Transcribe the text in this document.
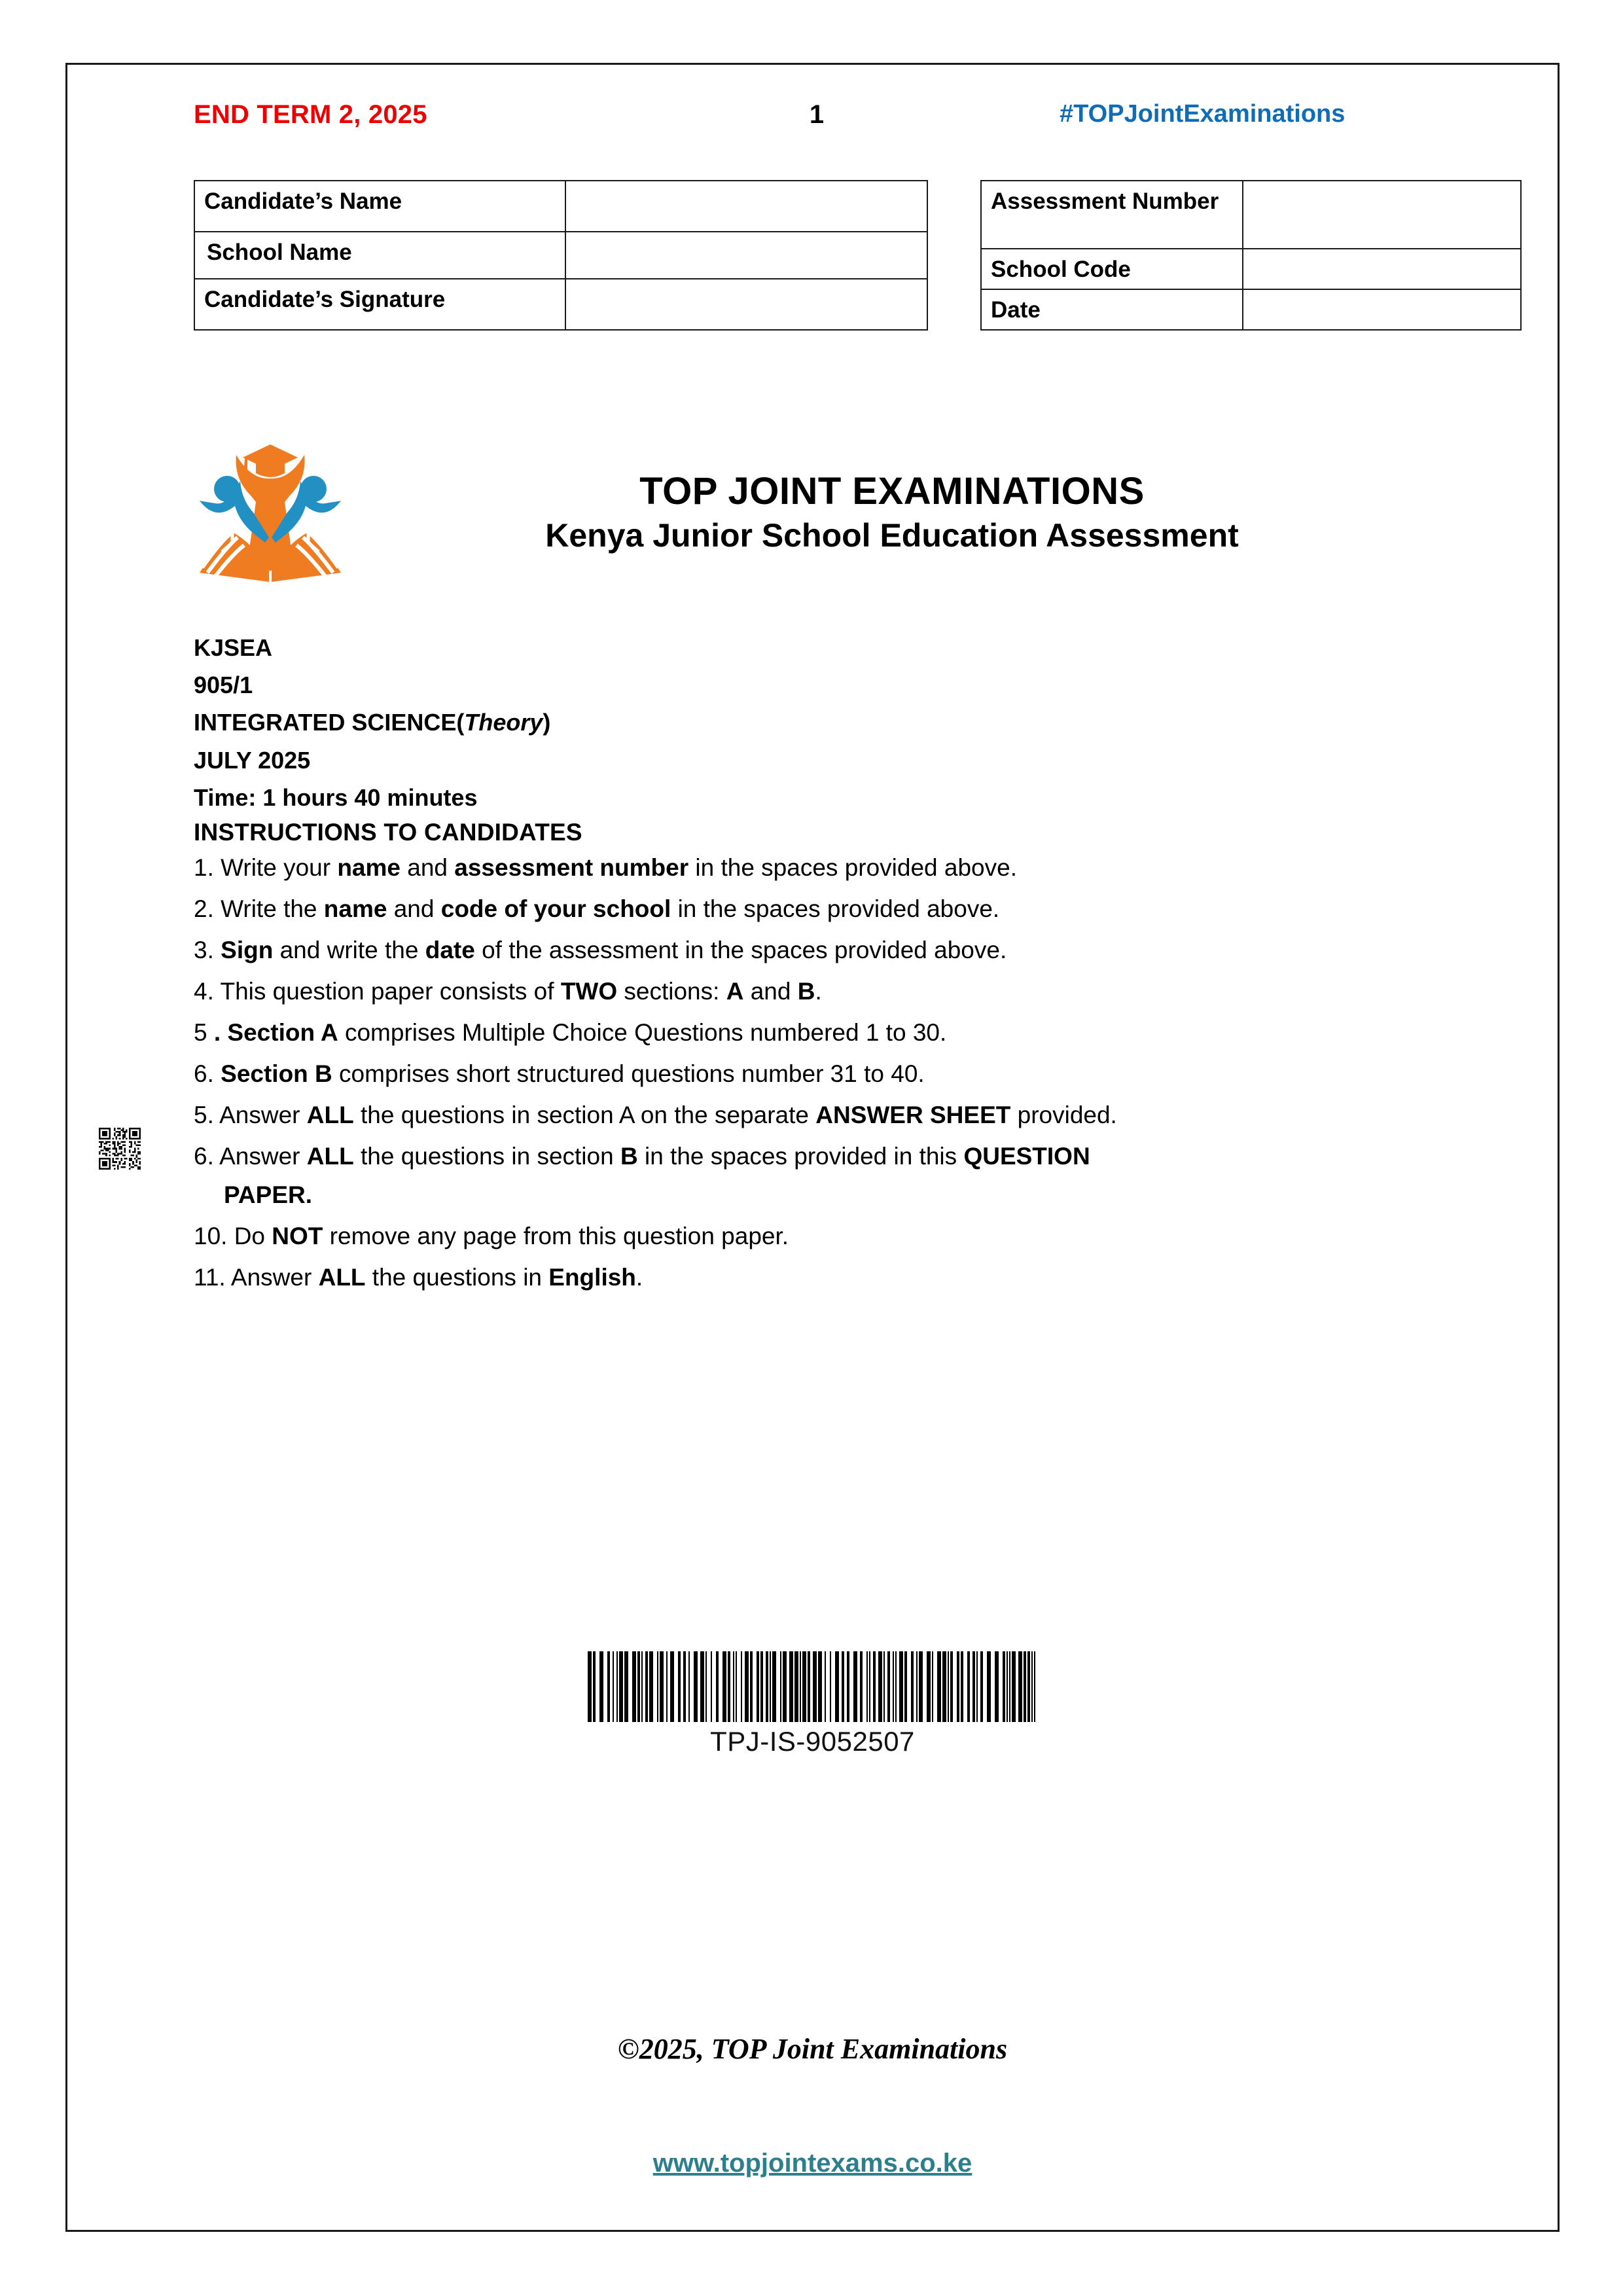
END TERM 2, 2025	1	#TOPJointExaminations
Candidate’s Name	
School Name	
Candidate’s Signature	
Assessment Number	
School Code	
Date	
TOP JOINT EXAMINATIONS
Kenya Junior School Education Assessment
KJSEA
905/1
INTEGRATED SCIENCE(Theory)
JULY 2025
Time: 1 hours 40 minutes
INSTRUCTIONS TO CANDIDATES
1. Write your name and assessment number in the spaces provided above.
2. Write the name and code of your school in the spaces provided above.
3. Sign and write the date of the assessment in the spaces provided above.
4. This question paper consists of TWO sections: A and B.
5 . Section A comprises Multiple Choice Questions numbered 1 to 30.
6. Section B comprises short structured questions number 31 to 40.
5. Answer ALL the questions in section A on the separate ANSWER SHEET provided.
6. Answer ALL the questions in section B in the spaces provided in this QUESTION
PAPER.
10. Do NOT remove any page from this question paper.
11. Answer ALL the questions in English.
TPJ-IS-9052507
©2025, TOP Joint Examinations
www.topjointexams.co.ke
